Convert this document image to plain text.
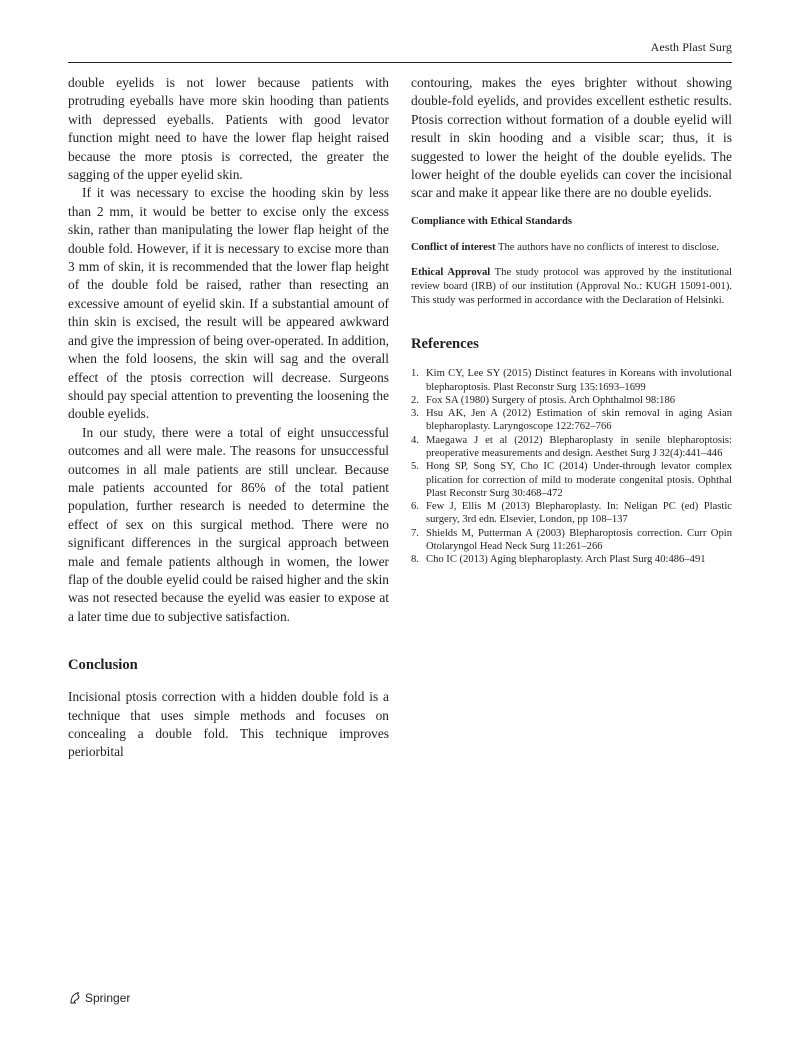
Aesth Plast Surg

double eyelids is not lower because patients with protruding eyeballs have more skin hooding than patients with depressed eyeballs. Patients with good levator function might need to have the lower flap height raised because the more ptosis is corrected, the greater the sagging of the upper eyelid skin.

If it was necessary to excise the hooding skin by less than 2 mm, it would be better to excise only the excess skin, rather than manipulating the lower flap height of the double fold. However, if it is necessary to excise more than 3 mm of skin, it is recommended that the lower flap height of the double fold be raised, rather than resecting an excessive amount of eyelid skin. If a substantial amount of thin skin is excised, the result will be appeared awkward and give the impression of being over-operated. In addition, when the fold loosens, the skin will sag and the overall effect of the ptosis correction will decrease. Surgeons should pay special attention to preventing the loosening the double eyelids.

In our study, there were a total of eight unsuccessful outcomes and all were male. The reasons for unsuccessful outcomes in all male patients are still unclear. Because male patients accounted for 86% of the total patient population, further research is needed to determine the effect of sex on this surgical method. There were no significant differences in the surgical approach between male and female patients although in women, the lower flap of the double eyelid could be raised higher and the skin was not resected because the eyelid was easier to expose at a later time due to subjective satisfaction.

Conclusion

Incisional ptosis correction with a hidden double fold is a technique that uses simple methods and focuses on concealing a double fold. This technique improves periorbital

contouring, makes the eyes brighter without showing double-fold eyelids, and provides excellent esthetic results. Ptosis correction without formation of a double eyelid will result in skin hooding and a visible scar; thus, it is suggested to lower the height of the double eyelids. The lower height of the double eyelids can cover the incisional scar and make it appear like there are no double eyelids.

Compliance with Ethical Standards
Conflict of interest The authors have no conflicts of interest to disclose.
Ethical Approval The study protocol was approved by the institutional review board (IRB) of our institution (Approval No.: KUGH 15091-001). This study was performed in accordance with the Declaration of Helsinki.
References
1. Kim CY, Lee SY (2015) Distinct features in Koreans with involutional blepharoptosis. Plast Reconstr Surg 135:1693–1699
2. Fox SA (1980) Surgery of ptosis. Arch Ophthalmol 98:186
3. Hsu AK, Jen A (2012) Estimation of skin removal in aging Asian blepharoplasty. Laryngoscope 122:762–766
4. Maegawa J et al (2012) Blepharoplasty in senile blepharoptosis: preoperative measurements and design. Aesthet Surg J 32(4):441–446
5. Hong SP, Song SY, Cho IC (2014) Under-through levator complex plication for correction of mild to moderate congenital ptosis. Ophthal Plast Reconstr Surg 30:468–472
6. Few J, Ellis M (2013) Blepharoplasty. In: Neligan PC (ed) Plastic surgery, 3rd edn. Elsevier, London, pp 108–137
7. Shields M, Putterman A (2003) Blepharoptosis correction. Curr Opin Otolaryngol Head Neck Surg 11:261–266
8. Cho IC (2013) Aging blepharoplasty. Arch Plast Surg 40:486–491
Springer
